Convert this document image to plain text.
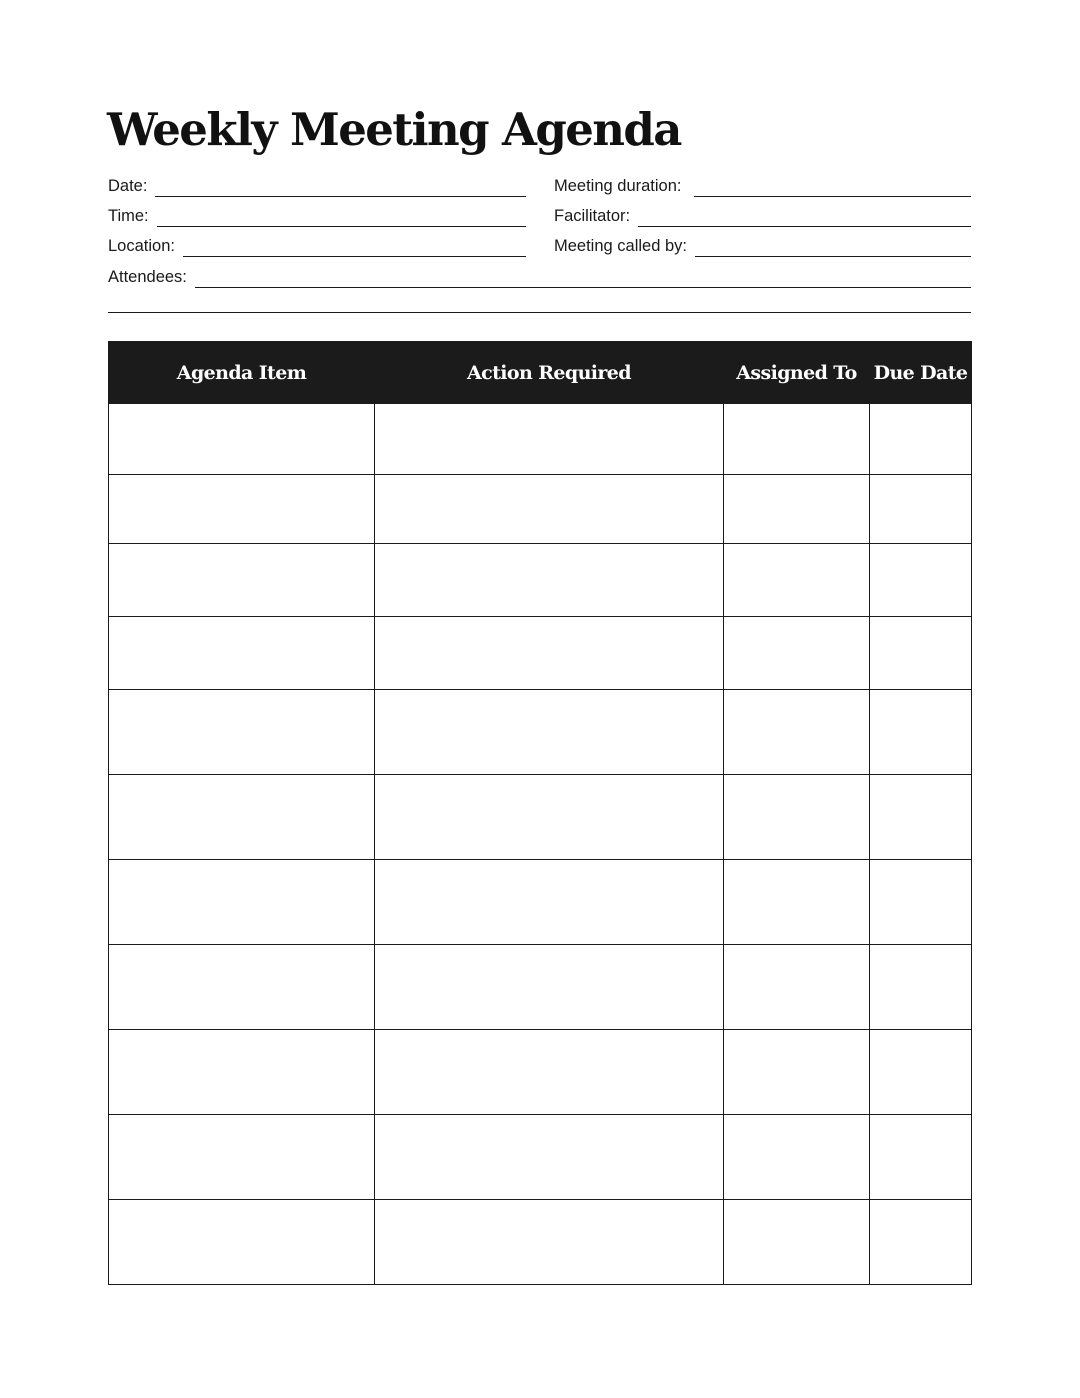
Weekly Meeting Agenda
Date:
Time:
Location:
Meeting duration:
Facilitator:
Meeting called by:
Attendees:
Agenda Item	Action Required	Assigned To	Due Date
